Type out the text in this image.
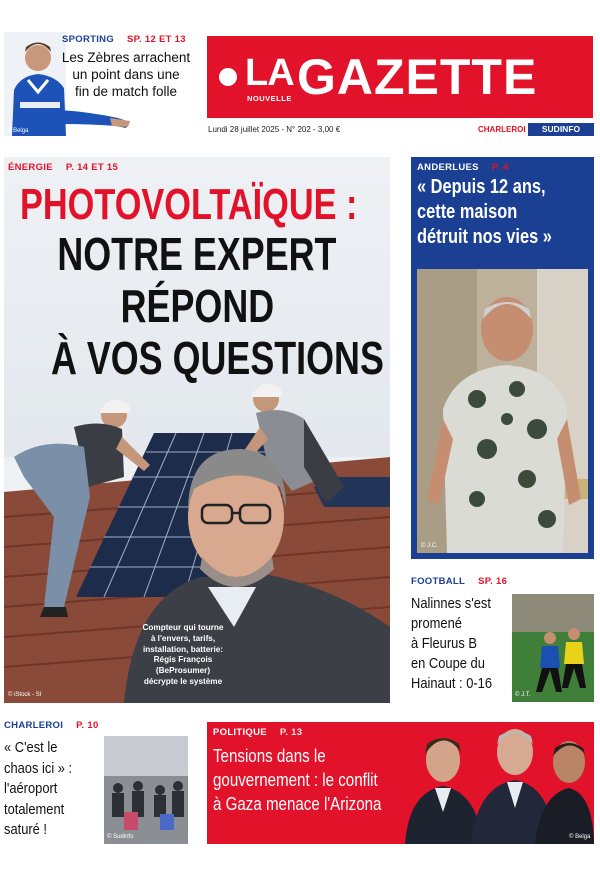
© Belga
SPORTING SP. 12 ET 13
Les Zèbres arrachent
un point dans une
fin de match folle	LA
NOUVELLE GAZETTE
Lundi 28 juillet 2025 - N° 202 - 3,00 €	CHARLEROI	SUDINFO
Compteur qui tourne
à l'envers, tarifs,
installation, batterie:
Régis François
(BeProsumer)
décrypte le système
© iStock - SI
ÉNERGIE P. 14 ET 15
PHOTOVOLTAÏQUE :
NOTRE EXPERT
RÉPOND
À VOS QUESTIONS
ANDERLUES P. 4
« Depuis 12 ans,
cette maison
détruit nos vies »
© J.C.
FOOTBALL SP. 16
Nalinnes s'est
promené
à Fleurus B
en Coupe du
Hainaut : 0-16
© J.T.
CHARLEROI P. 10
« C'est le
chaos ici » :
l'aéroport
totalement
saturé !	© Sudinfo
POLITIQUE P. 13
Tensions dans le
gouvernement : le conflit
à Gaza menace l'Arizona
© Belga
